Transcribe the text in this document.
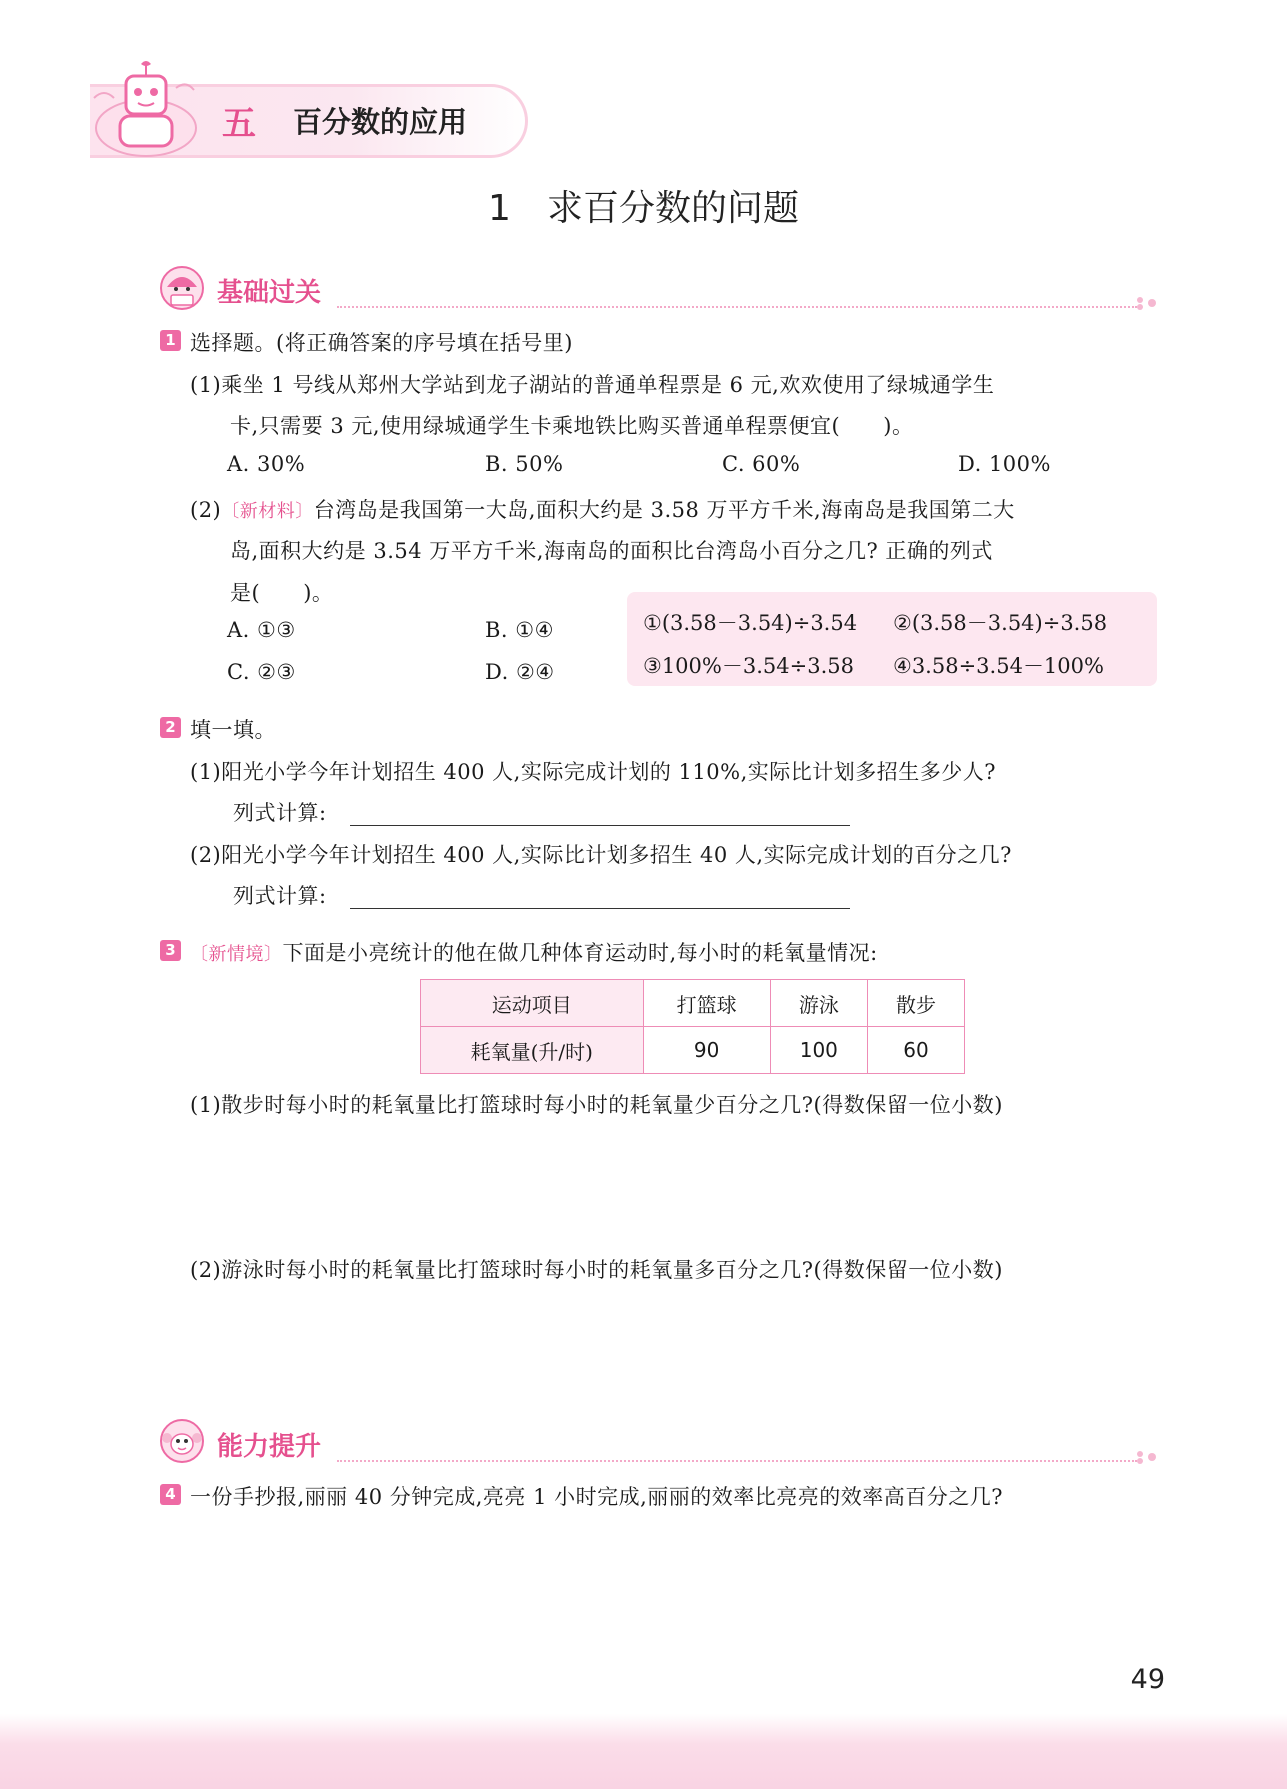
五 百分数的应用
1　求百分数的问题
基础过关
1 选择题。(将正确答案的序号填在括号里)
(1)乘坐 1 号线从郑州大学站到龙子湖站的普通单程票是 6 元,欢欢使用了绿城通学生
卡,只需要 3 元,使用绿城通学生卡乘地铁比购买普通单程票便宜(　　)。
A. 30%	B. 50%	C. 60%	D. 100%
(2)〔新材料〕台湾岛是我国第一大岛,面积大约是 3.58 万平方千米,海南岛是我国第二大
岛,面积大约是 3.54 万平方千米,海南岛的面积比台湾岛小百分之几? 正确的列式
是(　　)。
A. ①③	B. ①④
C. ②③	D. ②④
①(3.58－3.54)÷3.54 ②(3.58－3.54)÷3.58
③100%－3.54÷3.58 ④3.58÷3.54－100%
2 填一填。
(1)阳光小学今年计划招生 400 人,实际完成计划的 110%,实际比计划多招生多少人?
列式计算:
(2)阳光小学今年计划招生 400 人,实际比计划多招生 40 人,实际完成计划的百分之几?
列式计算:
3 〔新情境〕下面是小亮统计的他在做几种体育运动时,每小时的耗氧量情况:
运动项目	打篮球	游泳	散步
耗氧量(升/时)	90	100	60
(1)散步时每小时的耗氧量比打篮球时每小时的耗氧量少百分之几?(得数保留一位小数)
(2)游泳时每小时的耗氧量比打篮球时每小时的耗氧量多百分之几?(得数保留一位小数)
能力提升
4 一份手抄报,丽丽 40 分钟完成,亮亮 1 小时完成,丽丽的效率比亮亮的效率高百分之几?
49
